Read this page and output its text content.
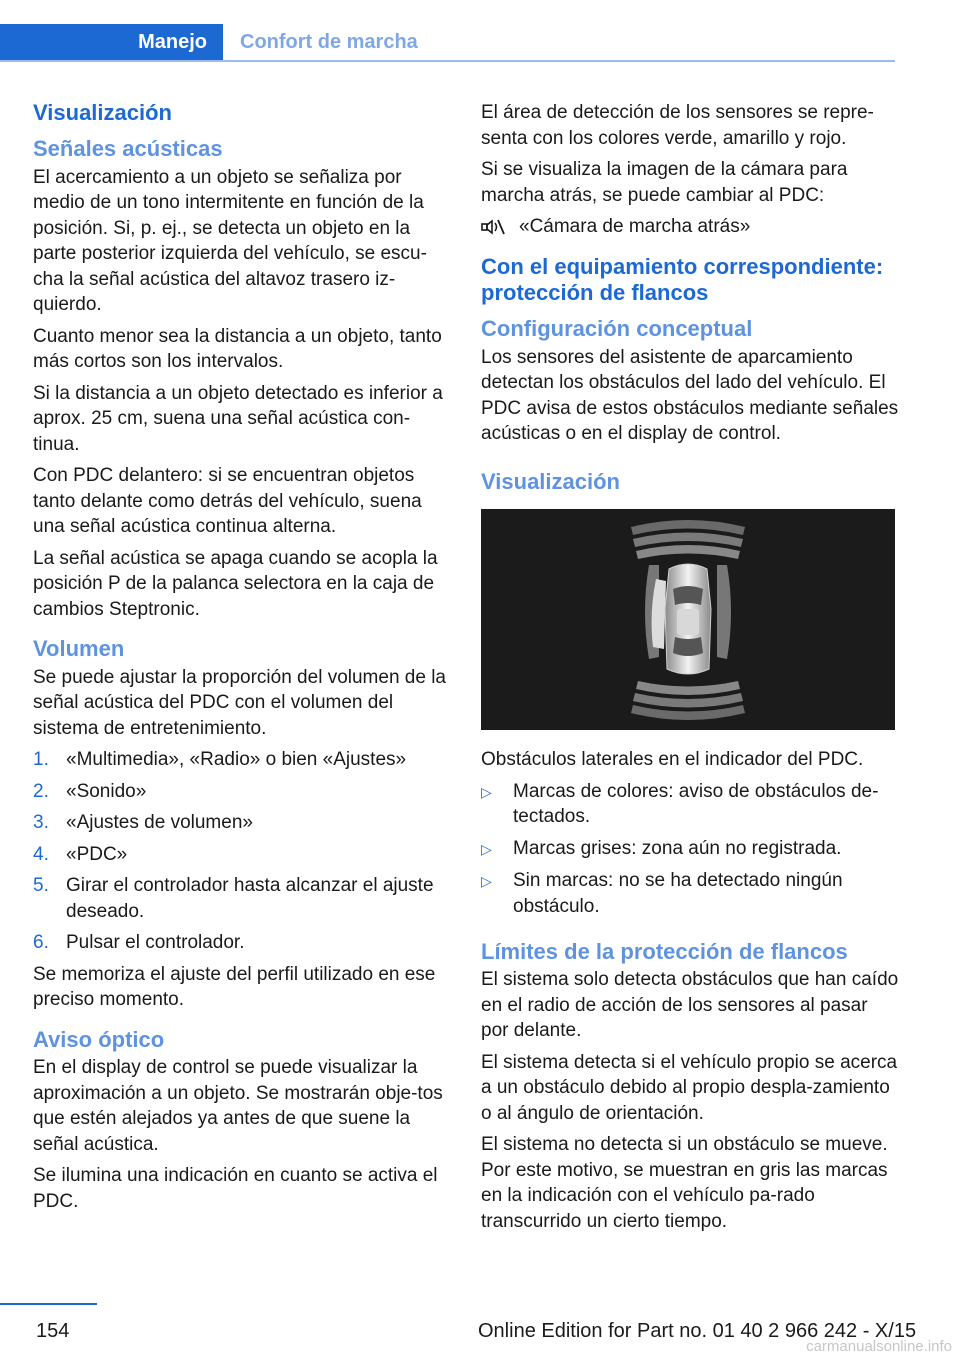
Manejo Confort de marcha
Visualización
Señales acústicas

El acercamiento a un objeto se señaliza por medio de un tono intermitente en función de la posición. Si, p. ej., se detecta un objeto en la parte posterior izquierda del vehículo, se escu‐cha la señal acústica del altavoz trasero iz‐quierdo.

Cuanto menor sea la distancia a un objeto, tanto más cortos son los intervalos.

Si la distancia a un objeto detectado es inferior a aprox. 25 cm, suena una señal acústica con‐tinua.

Con PDC delantero: si se encuentran objetos tanto delante como detrás del vehículo, suena una señal acústica continua alterna.

La señal acústica se apaga cuando se acopla la posición P de la palanca selectora en la caja de cambios Steptronic.

Volumen

Se puede ajustar la proporción del volumen de la señal acústica del PDC con el volumen del sistema de entretenimiento.

1. «Multimedia», «Radio» o bien «Ajustes»
2. «Sonido»
3. «Ajustes de volumen»
4. «PDC»
5. Girar el controlador hasta alcanzar el ajuste deseado.
6. Pulsar el controlador.

Se memoriza el ajuste del perfil utilizado en ese preciso momento.

Aviso óptico

En el display de control se puede visualizar la aproximación a un objeto. Se mostrarán obje‐tos que estén alejados ya antes de que suene la señal acústica.

Se ilumina una indicación en cuanto se activa el PDC.

El área de detección de los sensores se repre‐senta con los colores verde, amarillo y rojo.

Si se visualiza la imagen de la cámara para marcha atrás, se puede cambiar al PDC:

«Cámara de marcha atrás»
Con el equipamiento correspondiente: protección de flancos
Configuración conceptual

Los sensores del asistente de aparcamiento detectan los obstáculos del lado del vehículo. El PDC avisa de estos obstáculos mediante señales acústicas o en el display de control.

Visualización

Obstáculos laterales en el indicador del PDC.

▷	Marcas de colores: aviso de obstáculos de‐tectados.
▷	Marcas grises: zona aún no registrada.
▷	Sin marcas: no se ha detectado ningún obstáculo.
Límites de la protección de flancos

El sistema solo detecta obstáculos que han caído en el radio de acción de los sensores al pasar por delante.

El sistema detecta si el vehículo propio se acerca a un obstáculo debido al propio despla‐zamiento o al ángulo de orientación.

El sistema no detecta si un obstáculo se mueve. Por este motivo, se muestran en gris las marcas en la indicación con el vehículo pa‐rado transcurrido un cierto tiempo.

154	Online Edition for Part no. 01 40 2 966 242 - X/15
carmanualsonline.info
